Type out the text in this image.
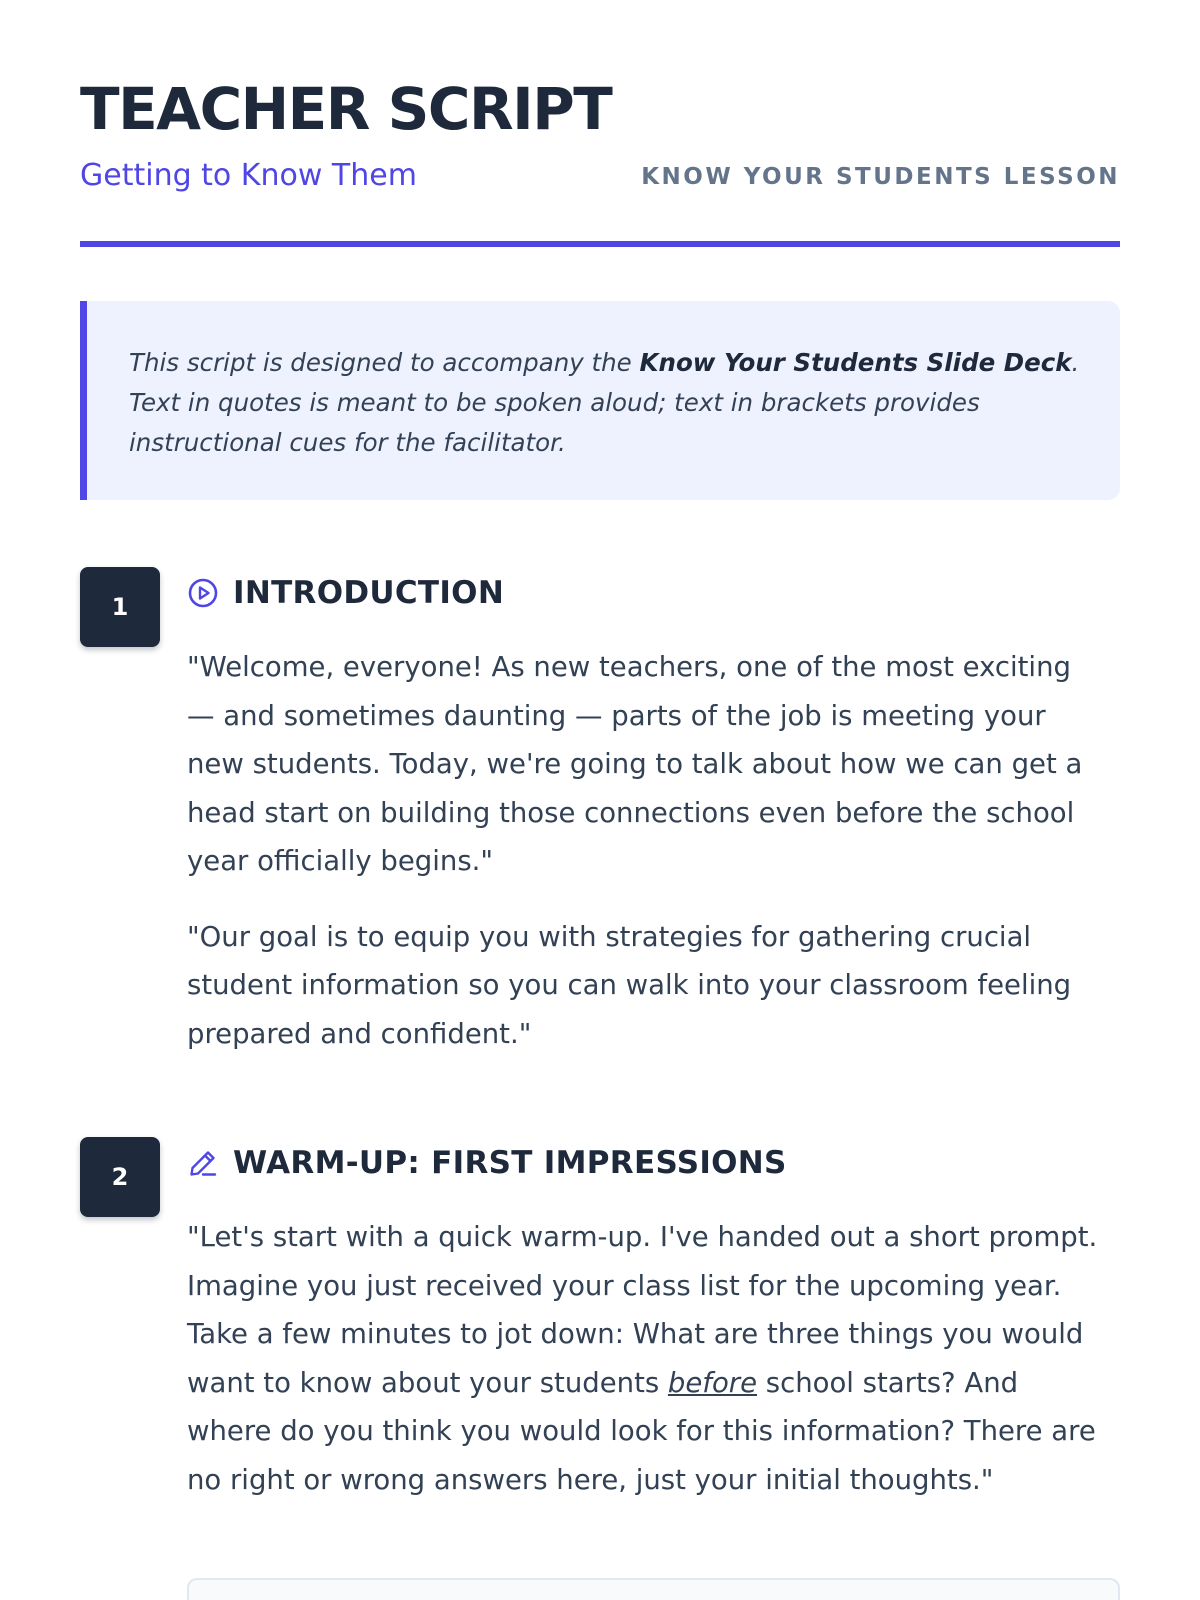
TEACHER SCRIPT
Getting to Know Them	KNOW YOUR STUDENTS LESSON

This script is designed to accompany the Know Your Students Slide Deck. Text in quotes is meant to be spoken aloud; text in brackets provides instructional cues for the facilitator.

1	INTRODUCTION

"Welcome, everyone! As new teachers, one of the most exciting — and sometimes daunting — parts of the job is meeting your new students. Today, we're going to talk about how we can get a head start on building those connections even before the school year officially begins."

"Our goal is to equip you with strategies for gathering crucial student information so you can walk into your classroom feeling prepared and confident."

2	WARM-UP: FIRST IMPRESSIONS

"Let's start with a quick warm-up. I've handed out a short prompt. Imagine you just received your class list for the upcoming year. Take a few minutes to jot down: What are three things you would want to know about your students before school starts? And where do you think you would look for this information? There are no right or wrong answers here, just your initial thoughts."
